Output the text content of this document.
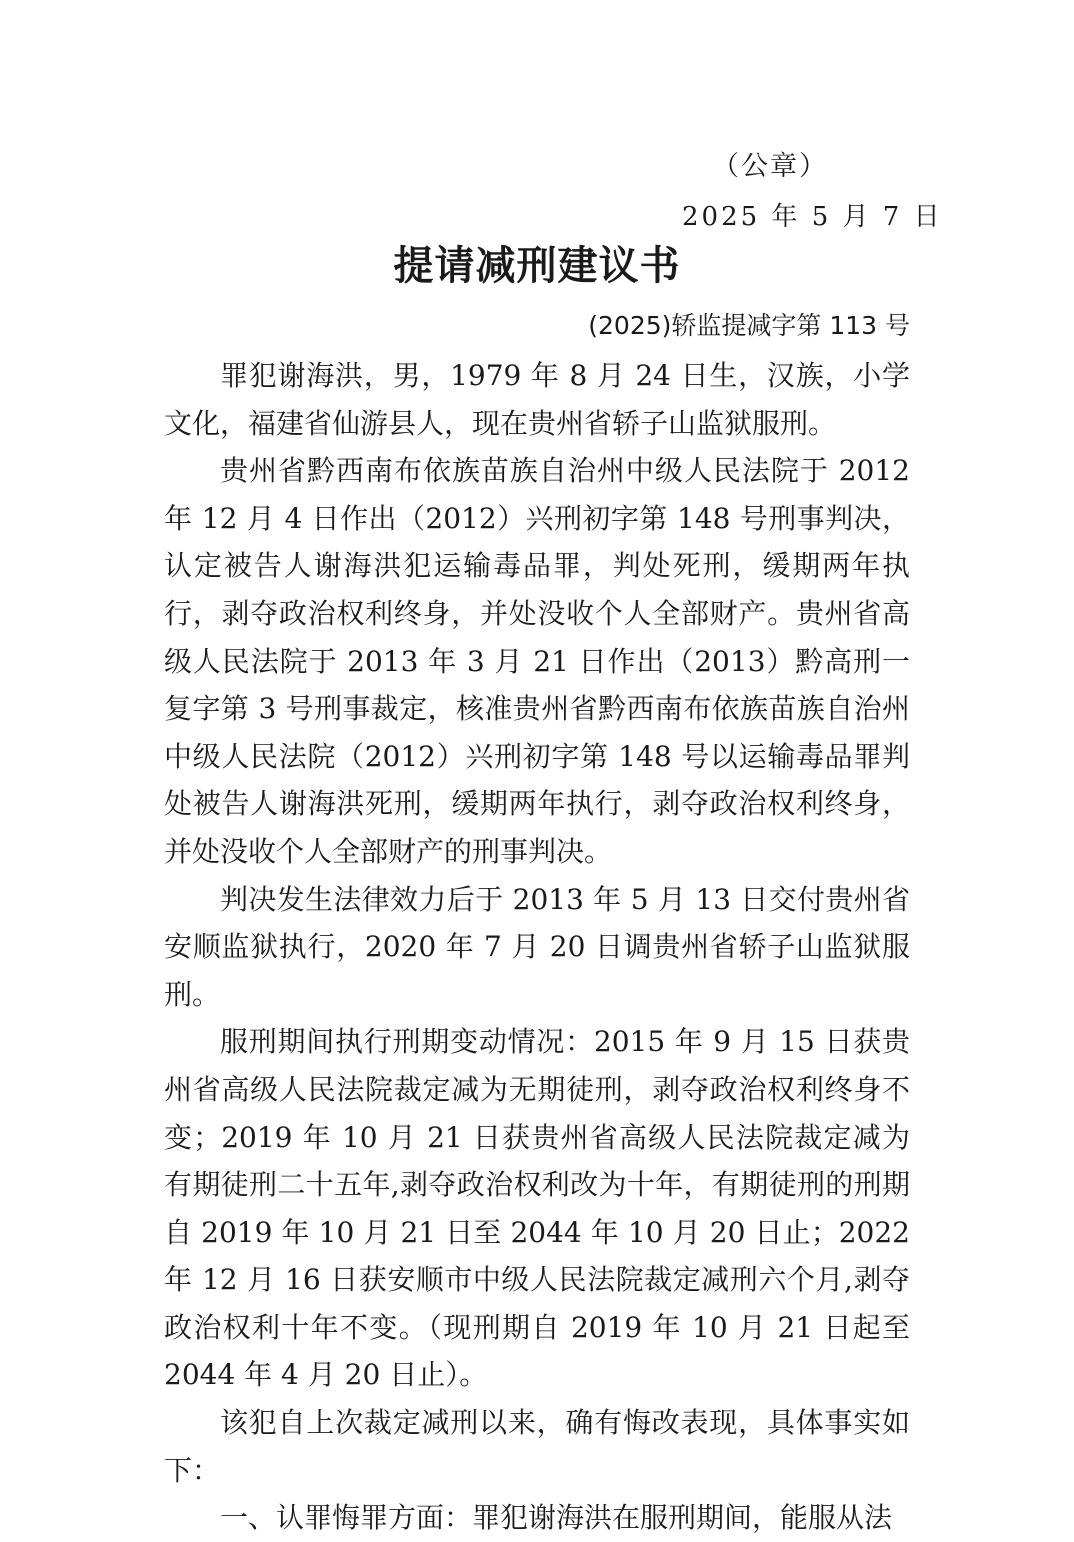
（公章）
2025 年 5 月 7 日
提请减刑建议书
(2025)轿监提减字第 113 号

罪犯谢海洪，男，1979 年 8 月 24 日生，汉族，小学文化，福建省仙游县人，现在贵州省轿子山监狱服刑。

贵州省黔西南布依族苗族自治州中级人民法院于 2012 年 12 月 4 日作出（2012）兴刑初字第 148 号刑事判决，认定被告人谢海洪犯运输毒品罪，判处死刑，缓期两年执行，剥夺政治权利终身，并处没收个人全部财产。贵州省高级人民法院于 2013 年 3 月 21 日作出（2013）黔高刑一复字第 3 号刑事裁定，核准贵州省黔西南布依族苗族自治州中级人民法院（2012）兴刑初字第 148 号以运输毒品罪判处被告人谢海洪死刑，缓期两年执行，剥夺政治权利终身，并处没收个人全部财产的刑事判决。

判决发生法律效力后于 2013 年 5 月 13 日交付贵州省安顺监狱执行，2020 年 7 月 20 日调贵州省轿子山监狱服刑。

服刑期间执行刑期变动情况：2015 年 9 月 15 日获贵州省高级人民法院裁定减为无期徒刑，剥夺政治权利终身不变；2019 年 10 月 21 日获贵州省高级人民法院裁定减为有期徒刑二十五年,剥夺政治权利改为十年，有期徒刑的刑期自 2019 年 10 月 21 日至 2044 年 10 月 20 日止；2022 年 12 月 16 日获安顺市中级人民法院裁定减刑六个月,剥夺政治权利十年不变。（现刑期自 2019 年 10 月 21 日起至 2044 年 4 月 20 日止）。

该犯自上次裁定减刑以来，确有悔改表现，具体事实如下：

一、认罪悔罪方面：罪犯谢海洪在服刑期间，能服从法
